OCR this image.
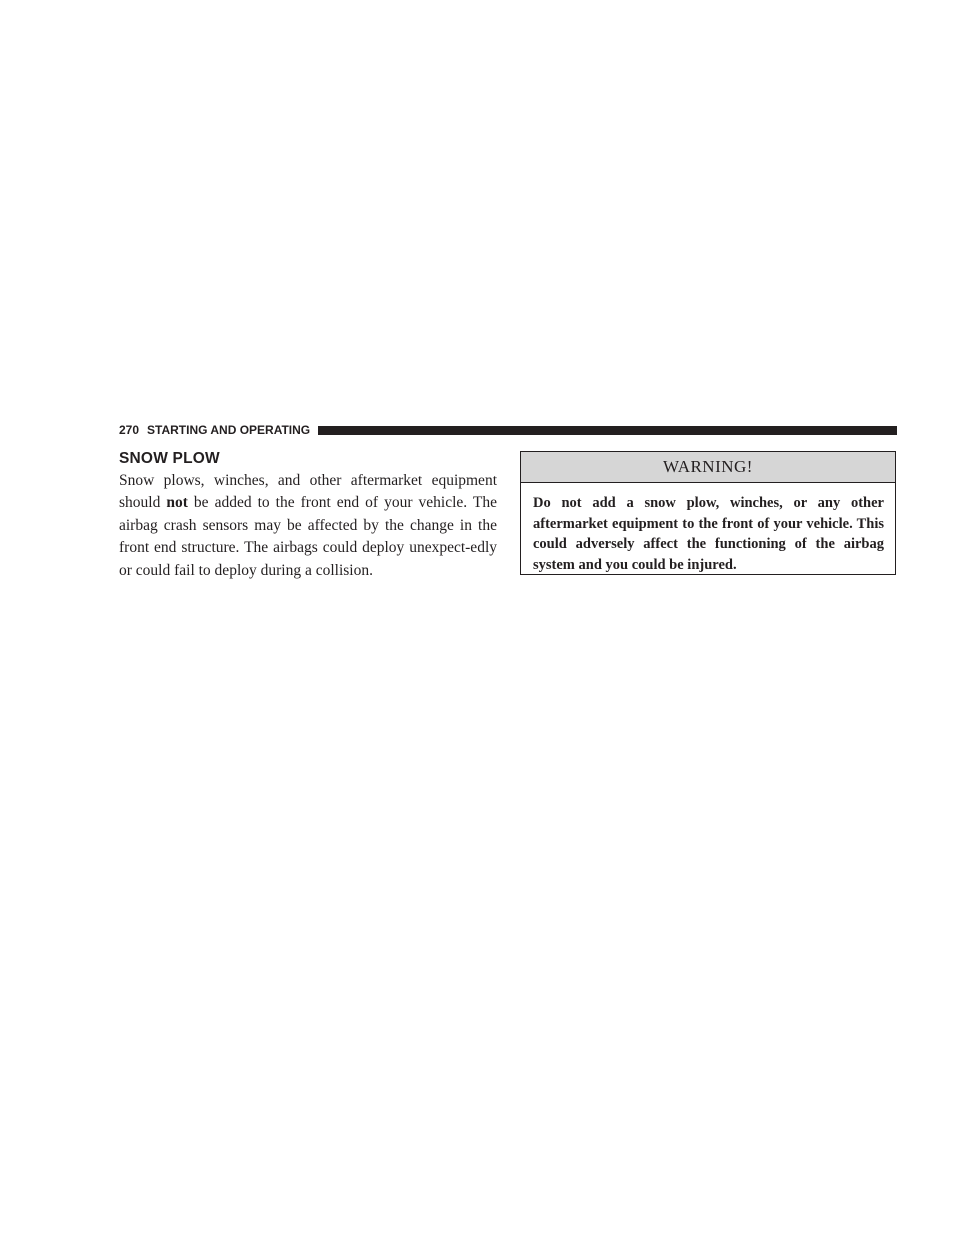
270 STARTING AND OPERATING
SNOW PLOW

Snow plows, winches, and other aftermarket equipment should not be added to the front end of your vehicle. The airbag crash sensors may be affected by the change in the front end structure. The airbags could deploy unexpect-edly or could fail to deploy during a collision.

WARNING!

Do not add a snow plow, winches, or any other aftermarket equipment to the front of your vehicle. This could adversely affect the functioning of the airbag system and you could be injured.
